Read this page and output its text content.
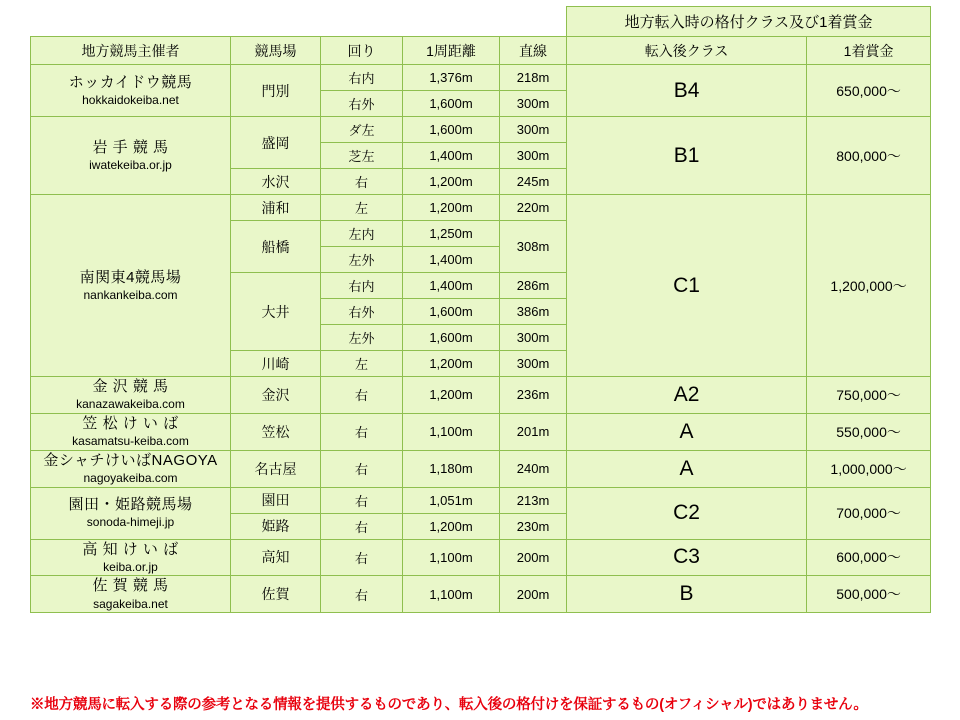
					地方転入時の格付クラス及び1着賞金	
地方競馬主催者	競馬場	回り	1周距離	直線	転入後クラス	1着賞金

ホッカイドウ競馬
hokkaidokeiba.net	門別	右内	1,376m	218m	B4	650,000〜
		右外	1,600m	300m		

岩 手 競 馬
iwatekeiba.or.jp	盛岡	ダ左	1,600m	300m	B1	800,000〜
		芝左	1,400m	300m		
	水沢	右	1,200m	245m		

南関東4競馬場
nankankeiba.com	浦和	左	1,200m	220m	C1	1,200,000〜
	船橋	左内	1,250m	308m		
		左外	1,400m			
	大井	右内	1,400m	286m		
		右外	1,600m	386m		
		左外	1,600m	300m		
	川崎	左	1,200m	300m		

金 沢 競 馬
kanazawakeiba.com	金沢	右	1,200m	236m	A2	750,000〜

笠 松 け い ば
kasamatsu-keiba.com	笠松	右	1,100m	201m	A	550,000〜

金シャチけいばNAGOYA
nagoyakeiba.com	名古屋	右	1,180m	240m	A	1,000,000〜

園田・姫路競馬場
sonoda-himeji.jp	園田	右	1,051m	213m	C2	700,000〜
	姫路	右	1,200m	230m		

高 知 け い ば
keiba.or.jp	高知	右	1,100m	200m	C3	600,000〜

佐 賀 競 馬
sagakeiba.net	佐賀	右	1,100m	200m	B	500,000〜
※地方競馬に転入する際の参考となる情報を提供するものであり、転入後の格付けを保証するもの(オフィシャル)ではありません。
